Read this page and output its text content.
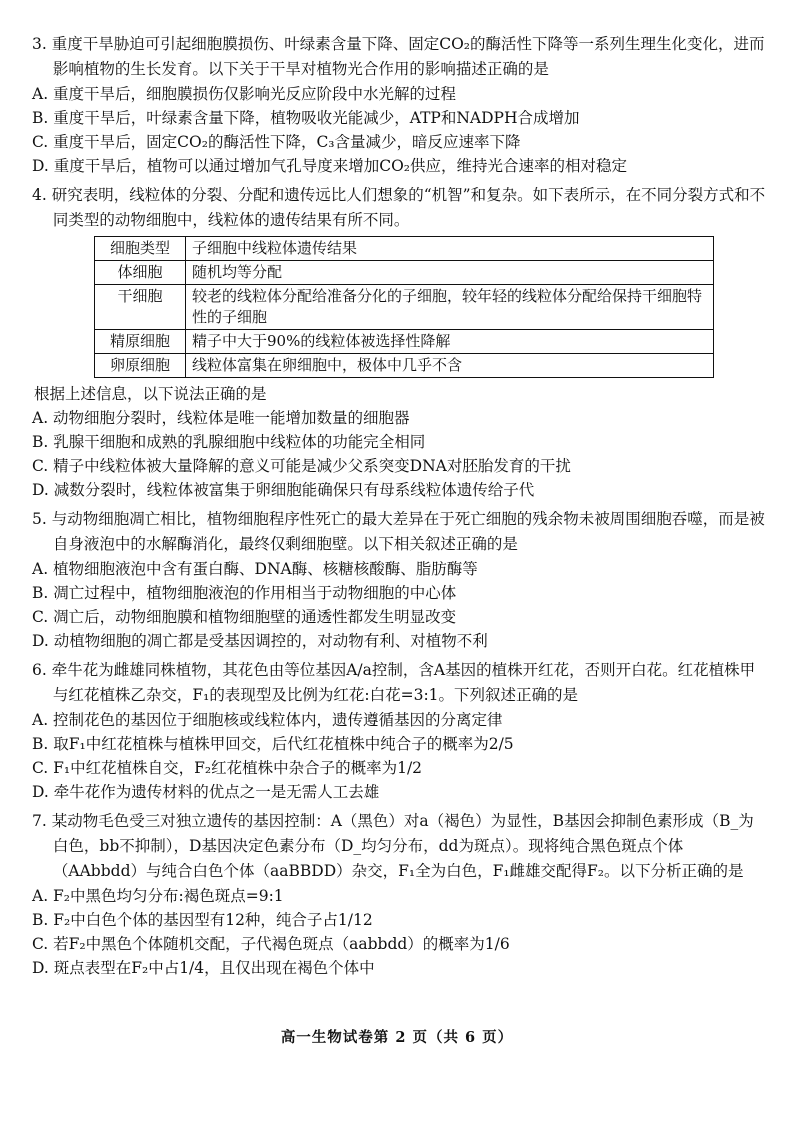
3. 重度干旱胁迫可引起细胞膜损伤、叶绿素含量下降、固定CO₂的酶活性下降等一系列生理生化变化，进而影响植物的生长发育。以下关于干旱对植物光合作用的影响描述正确的是
A. 重度干旱后，细胞膜损伤仅影响光反应阶段中水光解的过程
B. 重度干旱后，叶绿素含量下降，植物吸收光能减少，ATP和NADPH合成增加
C. 重度干旱后，固定CO₂的酶活性下降，C₃含量减少，暗反应速率下降
D. 重度干旱后，植物可以通过增加气孔导度来增加CO₂供应，维持光合速率的相对稳定
4. 研究表明，线粒体的分裂、分配和遗传远比人们想象的“机智”和复杂。如下表所示，在不同分裂方式和不同类型的动物细胞中，线粒体的遗传结果有所不同。
细胞类型	子细胞中线粒体遗传结果
体细胞	随机均等分配
干细胞	较老的线粒体分配给准备分化的子细胞，较年轻的线粒体分配给保持干细胞特性的子细胞
精原细胞	精子中大于90%的线粒体被选择性降解
卵原细胞	线粒体富集在卵细胞中，极体中几乎不含
根据上述信息，以下说法正确的是
A. 动物细胞分裂时，线粒体是唯一能增加数量的细胞器
B. 乳腺干细胞和成熟的乳腺细胞中线粒体的功能完全相同
C. 精子中线粒体被大量降解的意义可能是减少父系突变DNA对胚胎发育的干扰
D. 减数分裂时，线粒体被富集于卵细胞能确保只有母系线粒体遗传给子代
5. 与动物细胞凋亡相比，植物细胞程序性死亡的最大差异在于死亡细胞的残余物未被周围细胞吞噬，而是被自身液泡中的水解酶消化，最终仅剩细胞壁。以下相关叙述正确的是
A. 植物细胞液泡中含有蛋白酶、DNA酶、核糖核酸酶、脂肪酶等
B. 凋亡过程中，植物细胞液泡的作用相当于动物细胞的中心体
C. 凋亡后，动物细胞膜和植物细胞壁的通透性都发生明显改变
D. 动植物细胞的凋亡都是受基因调控的，对动物有利、对植物不利
6. 牵牛花为雌雄同株植物，其花色由等位基因A/a控制，含A基因的植株开红花，否则开白花。红花植株甲与红花植株乙杂交，F₁的表现型及比例为红花:白花=3:1。下列叙述正确的是
A. 控制花色的基因位于细胞核或线粒体内，遗传遵循基因的分离定律
B. 取F₁中红花植株与植株甲回交，后代红花植株中纯合子的概率为2/5
C. F₁中红花植株自交，F₂红花植株中杂合子的概率为1/2
D. 牵牛花作为遗传材料的优点之一是无需人工去雄
7. 某动物毛色受三对独立遗传的基因控制：A（黑色）对a（褐色）为显性，B基因会抑制色素形成（B_为白色，bb不抑制），D基因决定色素分布（D_均匀分布，dd为斑点）。现将纯合黑色斑点个体（AAbbdd）与纯合白色个体（aaBBDD）杂交，F₁全为白色，F₁雌雄交配得F₂。以下分析正确的是
A. F₂中黑色均匀分布:褐色斑点=9:1
B. F₂中白色个体的基因型有12种，纯合子占1/12
C. 若F₂中黑色个体随机交配，子代褐色斑点（aabbdd）的概率为1/6
D. 斑点表型在F₂中占1/4，且仅出现在褐色个体中
高一生物试卷第 2 页（共 6 页）
